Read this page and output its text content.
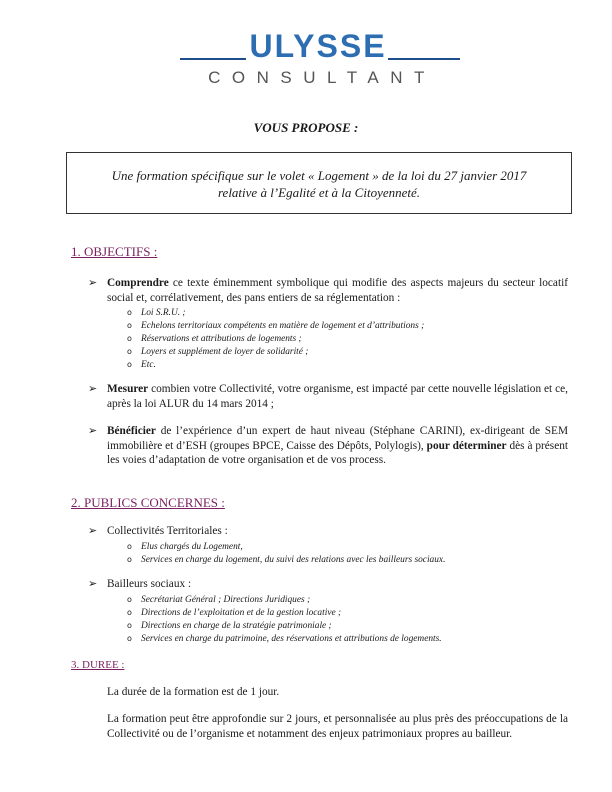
ULYSSE
CONSULTANT
VOUS PROPOSE :
Une formation spécifique sur le volet « Logement » de la loi du 27 janvier 2017
relative à l’Egalité et à la Citoyenneté.
1. OBJECTIFS :
➢ Comprendre ce texte éminemment symbolique qui modifie des aspects majeurs du secteur locatif social et, corrélativement, des pans entiers de sa réglementation :
o Loi S.R.U. ;
o Echelons territoriaux compétents en matière de logement et d’attributions ;
o Réservations et attributions de logements ;
o Loyers et supplément de loyer de solidarité ;
o Etc.
➢ Mesurer combien votre Collectivité, votre organisme, est impacté par cette nouvelle législation et ce, après la loi ALUR du 14 mars 2014 ;
➢ Bénéficier de l’expérience d’un expert de haut niveau (Stéphane CARINI), ex-dirigeant de SEM immobilière et d’ESH (groupes BPCE, Caisse des Dépôts, Polylogis), pour déterminer dès à présent les voies d’adaptation de votre organisation et de vos process.
2. PUBLICS CONCERNES :
➢ Collectivités Territoriales :
o Elus chargés du Logement,
o Services en charge du logement, du suivi des relations avec les bailleurs sociaux.
➢ Bailleurs sociaux :
o Secrétariat Général ; Directions Juridiques ;
o Directions de l’exploitation et de la gestion locative ;
o Directions en charge de la stratégie patrimoniale ;
o Services en charge du patrimoine, des réservations et attributions de logements.
3. DUREE :
La durée de la formation est de 1 jour.
La formation peut être approfondie sur 2 jours, et personnalisée au plus près des préoccupations de la Collectivité ou de l’organisme et notamment des enjeux patrimoniaux propres au bailleur.
